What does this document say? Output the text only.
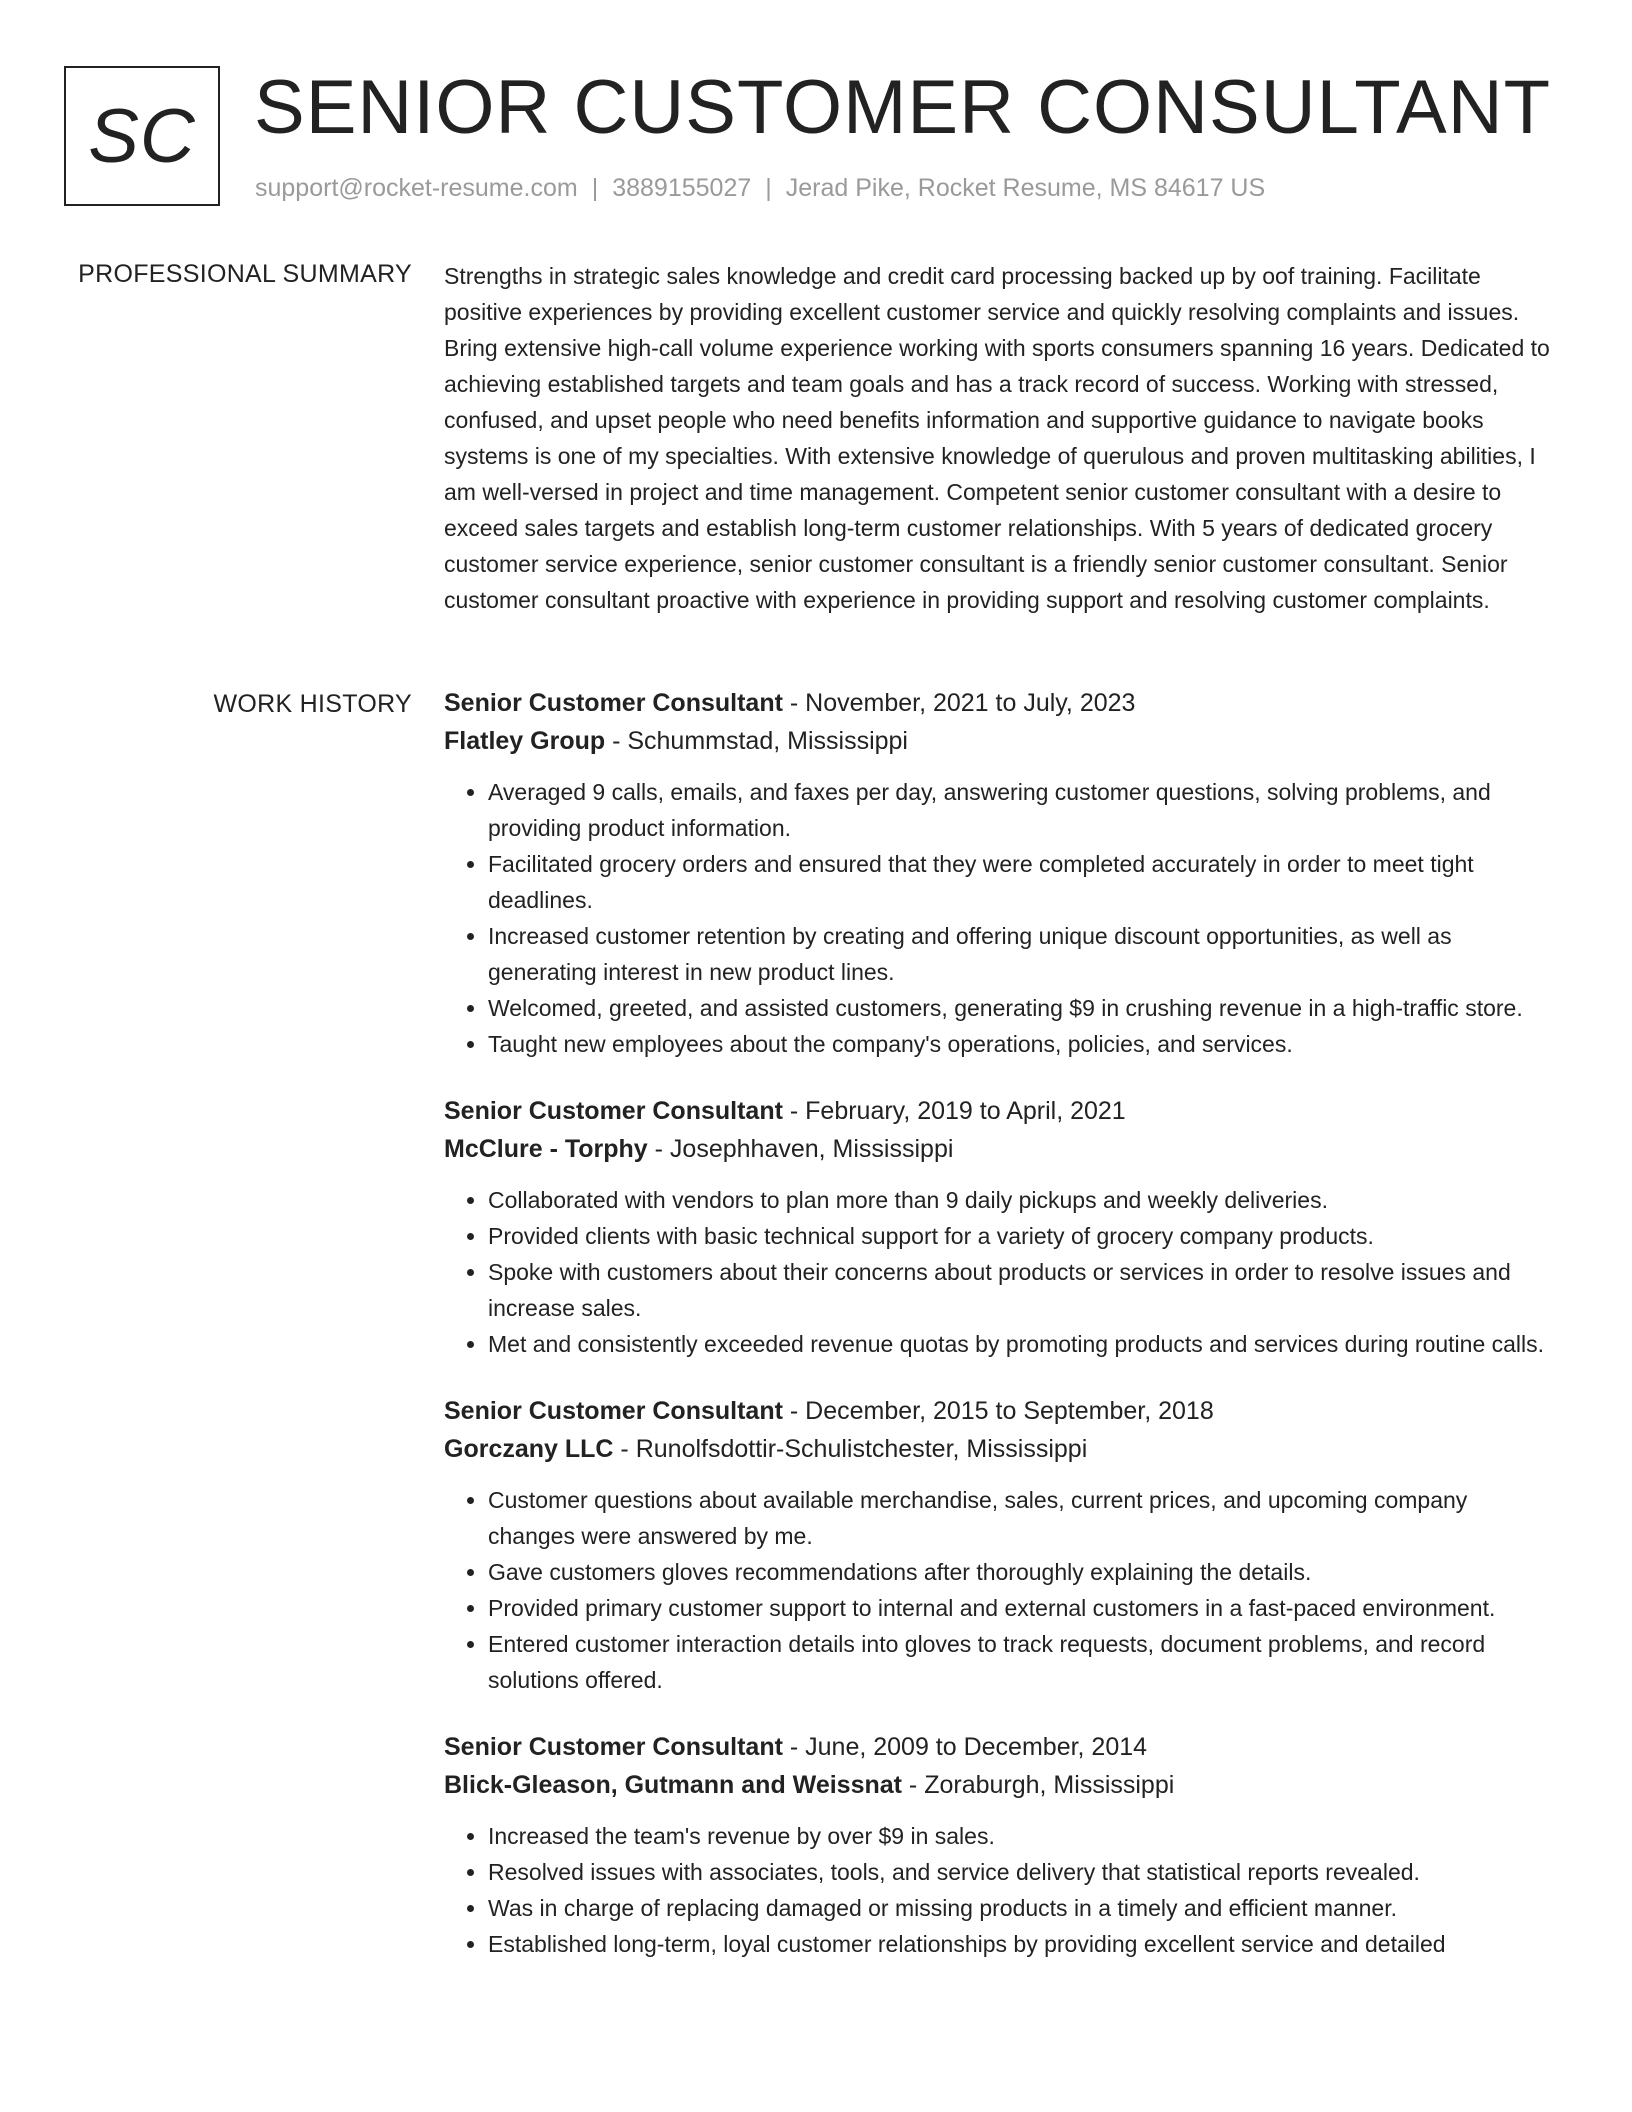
SC SENIOR CUSTOMER CONSULTANT
support@rocket-resume.com | 3889155027 | Jerad Pike, Rocket Resume, MS 84617 US
PROFESSIONAL SUMMARY Strengths in strategic sales knowledge and credit card processing backed up by oof training. Facilitate positive experiences by providing excellent customer service and quickly resolving complaints and issues. Bring extensive high-call volume experience working with sports consumers spanning 16 years. Dedicated to achieving established targets and team goals and has a track record of success. Working with stressed, confused, and upset people who need benefits information and supportive guidance to navigate books systems is one of my specialties. With extensive knowledge of querulous and proven multitasking abilities, I am well-versed in project and time management. Competent senior customer consultant with a desire to exceed sales targets and establish long-term customer relationships. With 5 years of dedicated grocery customer service experience, senior customer consultant is a friendly senior customer consultant. Senior customer consultant proactive with experience in providing support and resolving customer complaints.

WORK HISTORY Senior Customer Consultant - November, 2021 to July, 2023
Flatley Group - Schummstad, Mississippi
• Averaged 9 calls, emails, and faxes per day, answering customer questions, solving problems, and providing product information.
• Facilitated grocery orders and ensured that they were completed accurately in order to meet tight deadlines.
• Increased customer retention by creating and offering unique discount opportunities, as well as generating interest in new product lines.
• Welcomed, greeted, and assisted customers, generating $9 in crushing revenue in a high-traffic store.
• Taught new employees about the company's operations, policies, and services.
Senior Customer Consultant - February, 2019 to April, 2021
McClure - Torphy - Josephhaven, Mississippi
• Collaborated with vendors to plan more than 9 daily pickups and weekly deliveries.
• Provided clients with basic technical support for a variety of grocery company products.
• Spoke with customers about their concerns about products or services in order to resolve issues and increase sales.
• Met and consistently exceeded revenue quotas by promoting products and services during routine calls.
Senior Customer Consultant - December, 2015 to September, 2018
Gorczany LLC - Runolfsdottir-Schulistchester, Mississippi
• Customer questions about available merchandise, sales, current prices, and upcoming company changes were answered by me.
• Gave customers gloves recommendations after thoroughly explaining the details.
• Provided primary customer support to internal and external customers in a fast-paced environment.
• Entered customer interaction details into gloves to track requests, document problems, and record solutions offered.
Senior Customer Consultant - June, 2009 to December, 2014
Blick-Gleason, Gutmann and Weissnat - Zoraburgh, Mississippi
• Increased the team's revenue by over $9 in sales.
• Resolved issues with associates, tools, and service delivery that statistical reports revealed.
• Was in charge of replacing damaged or missing products in a timely and efficient manner.
• Established long-term, loyal customer relationships by providing excellent service and detailed
